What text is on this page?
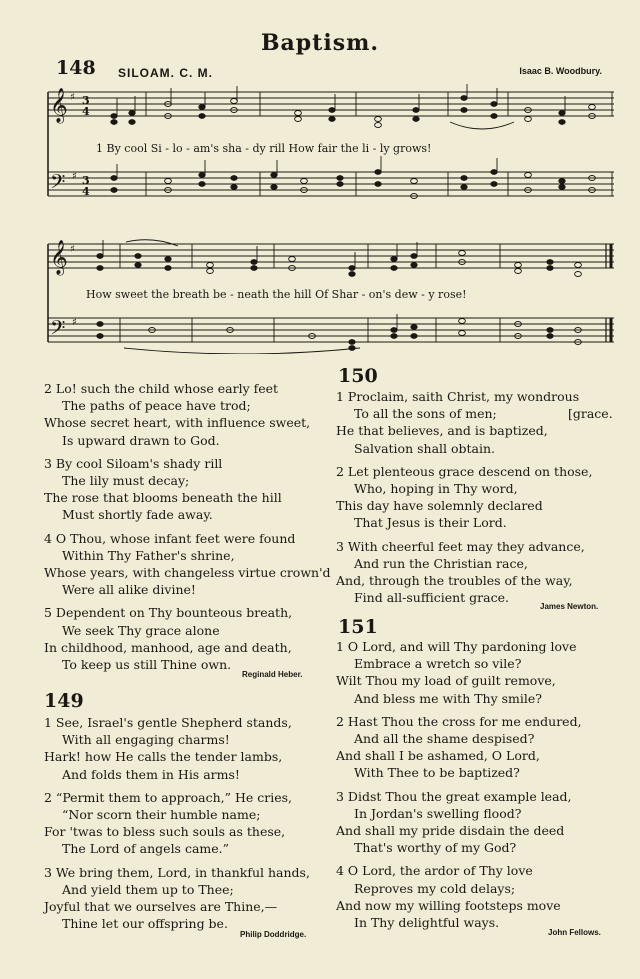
Baptism.
148 SILOAM. C. M.	Isaac B. Woodbury.
𝄞
𝄢
♯
♯
3
4
3
4
1 By cool Si - lo - am's sha - dy rill How fair the li - ly grows!
𝄞
𝄢
♯
♯
How sweet the breath be - neath the hill Of Shar - on's dew - y rose!

2 Lo! such the child whose early feet

The paths of peace have trod;

Whose secret heart, with influence sweet,

Is upward drawn to God.

3 By cool Siloam's shady rill

The lily must decay;

The rose that blooms beneath the hill

Must shortly fade away.

4 O Thou, whose infant feet were found

Within Thy Father's shrine,

Whose years, with changeless virtue crown'd

Were all alike divine!

5 Dependent on Thy bounteous breath,

We seek Thy grace alone

In childhood, manhood, age and death,

To keep us still Thine own.

Reginald Heber.
149

1 See, Israel's gentle Shepherd stands,

With all engaging charms!

Hark! how He calls the tender lambs,

And folds them in His arms!

2 “Permit them to approach,” He cries,

“Nor scorn their humble name;

For 'twas to bless such souls as these,

The Lord of angels came.”

3 We bring them, Lord, in thankful hands,

And yield them up to Thee;

Joyful that we ourselves are Thine,—

Thine let our offspring be.

Philip Doddridge.
150

1 Proclaim, saith Christ, my wondrous

To all the sons of men;

He that believes, and is baptized,

Salvation shall obtain.

2 Let plenteous grace descend on those,

Who, hoping in Thy word,

This day have solemnly declared

That Jesus is their Lord.

3 With cheerful feet may they advance,

And run the Christian race,

And, through the troubles of the way,

Find all-sufficient grace.

[grace.

James Newton.
151

1 O Lord, and will Thy pardoning love

Embrace a wretch so vile?

Wilt Thou my load of guilt remove,

And bless me with Thy smile?

2 Hast Thou the cross for me endured,

And all the shame despised?

And shall I be ashamed, O Lord,

With Thee to be baptized?

3 Didst Thou the great example lead,

In Jordan's swelling flood?

And shall my pride disdain the deed

That's worthy of my God?

4 O Lord, the ardor of Thy love

Reproves my cold delays;

And now my willing footsteps move

In Thy delightful ways.

John Fellows.
